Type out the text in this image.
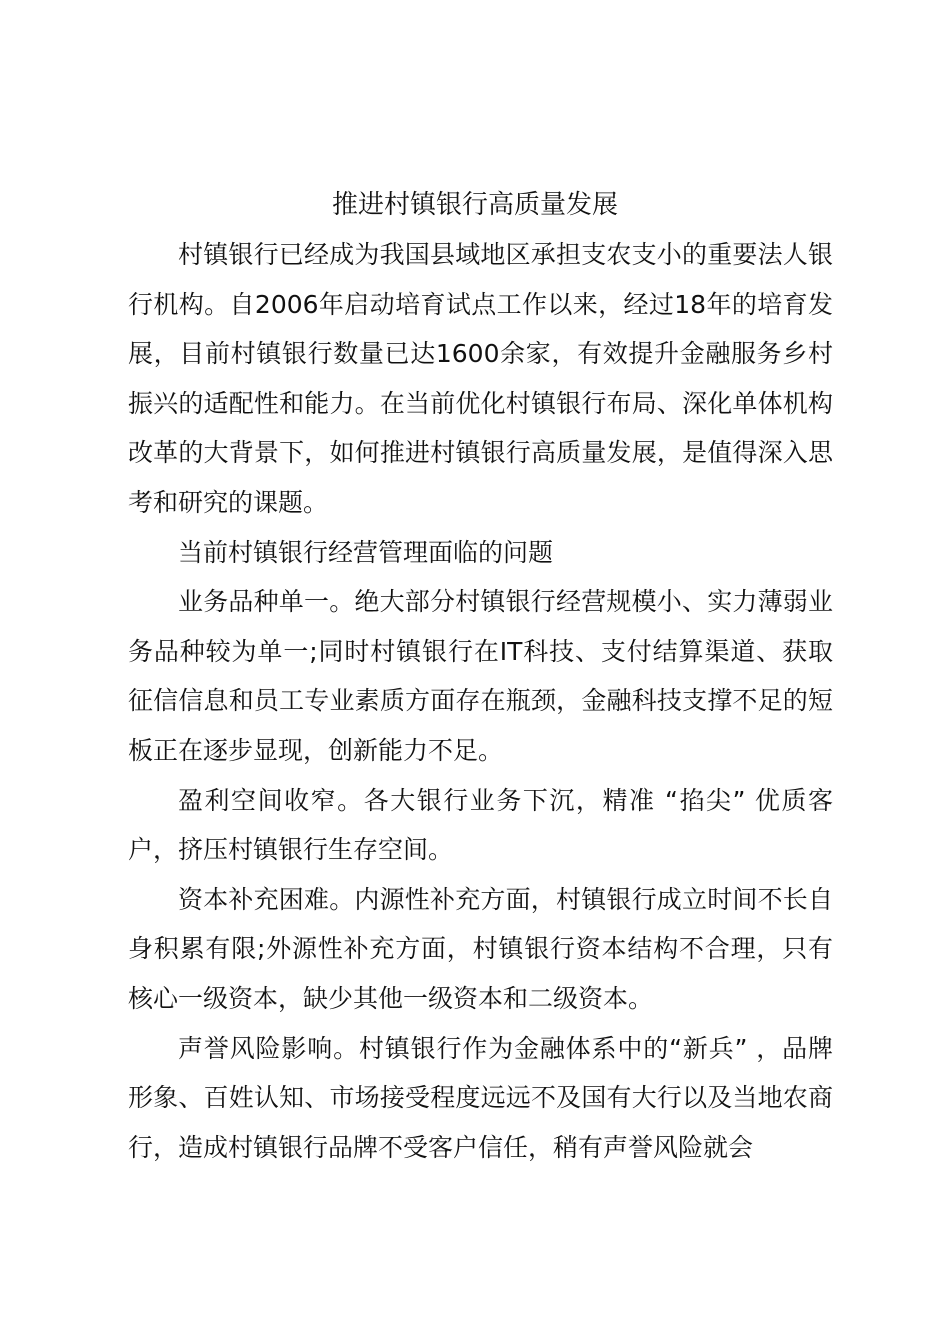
推进村镇银行高质量发展

村镇银行已经成为我国县域地区承担支农支小的重要法人银行机构。自2006年启动培育试点工作以来，经过18年的培育发展，目前村镇银行数量已达1600余家，有效提升金融服务乡村振兴的适配性和能力。在当前优化村镇银行布局、深化单体机构改革的大背景下，如何推进村镇银行高质量发展，是值得深入思考和研究的课题。

当前村镇银行经营管理面临的问题

业务品种单一。绝大部分村镇银行经营规模小、实力薄弱业务品种较为单一;同时村镇银行在IT科技、支付结算渠道、获取征信信息和员工专业素质方面存在瓶颈，金融科技支撑不足的短板正在逐步显现，创新能力不足。

盈利空间收窄。各大银行业务下沉，精准 “掐尖” 优质客户，挤压村镇银行生存空间。

资本补充困难。内源性补充方面，村镇银行成立时间不长自身积累有限;外源性补充方面，村镇银行资本结构不合理，只有核心一级资本，缺少其他一级资本和二级资本。

声誉风险影响。村镇银行作为金融体系中的“新兵” ，品牌形象、百姓认知、市场接受程度远远不及国有大行以及当地农商行，造成村镇银行品牌不受客户信任，稍有声誉风险就会
